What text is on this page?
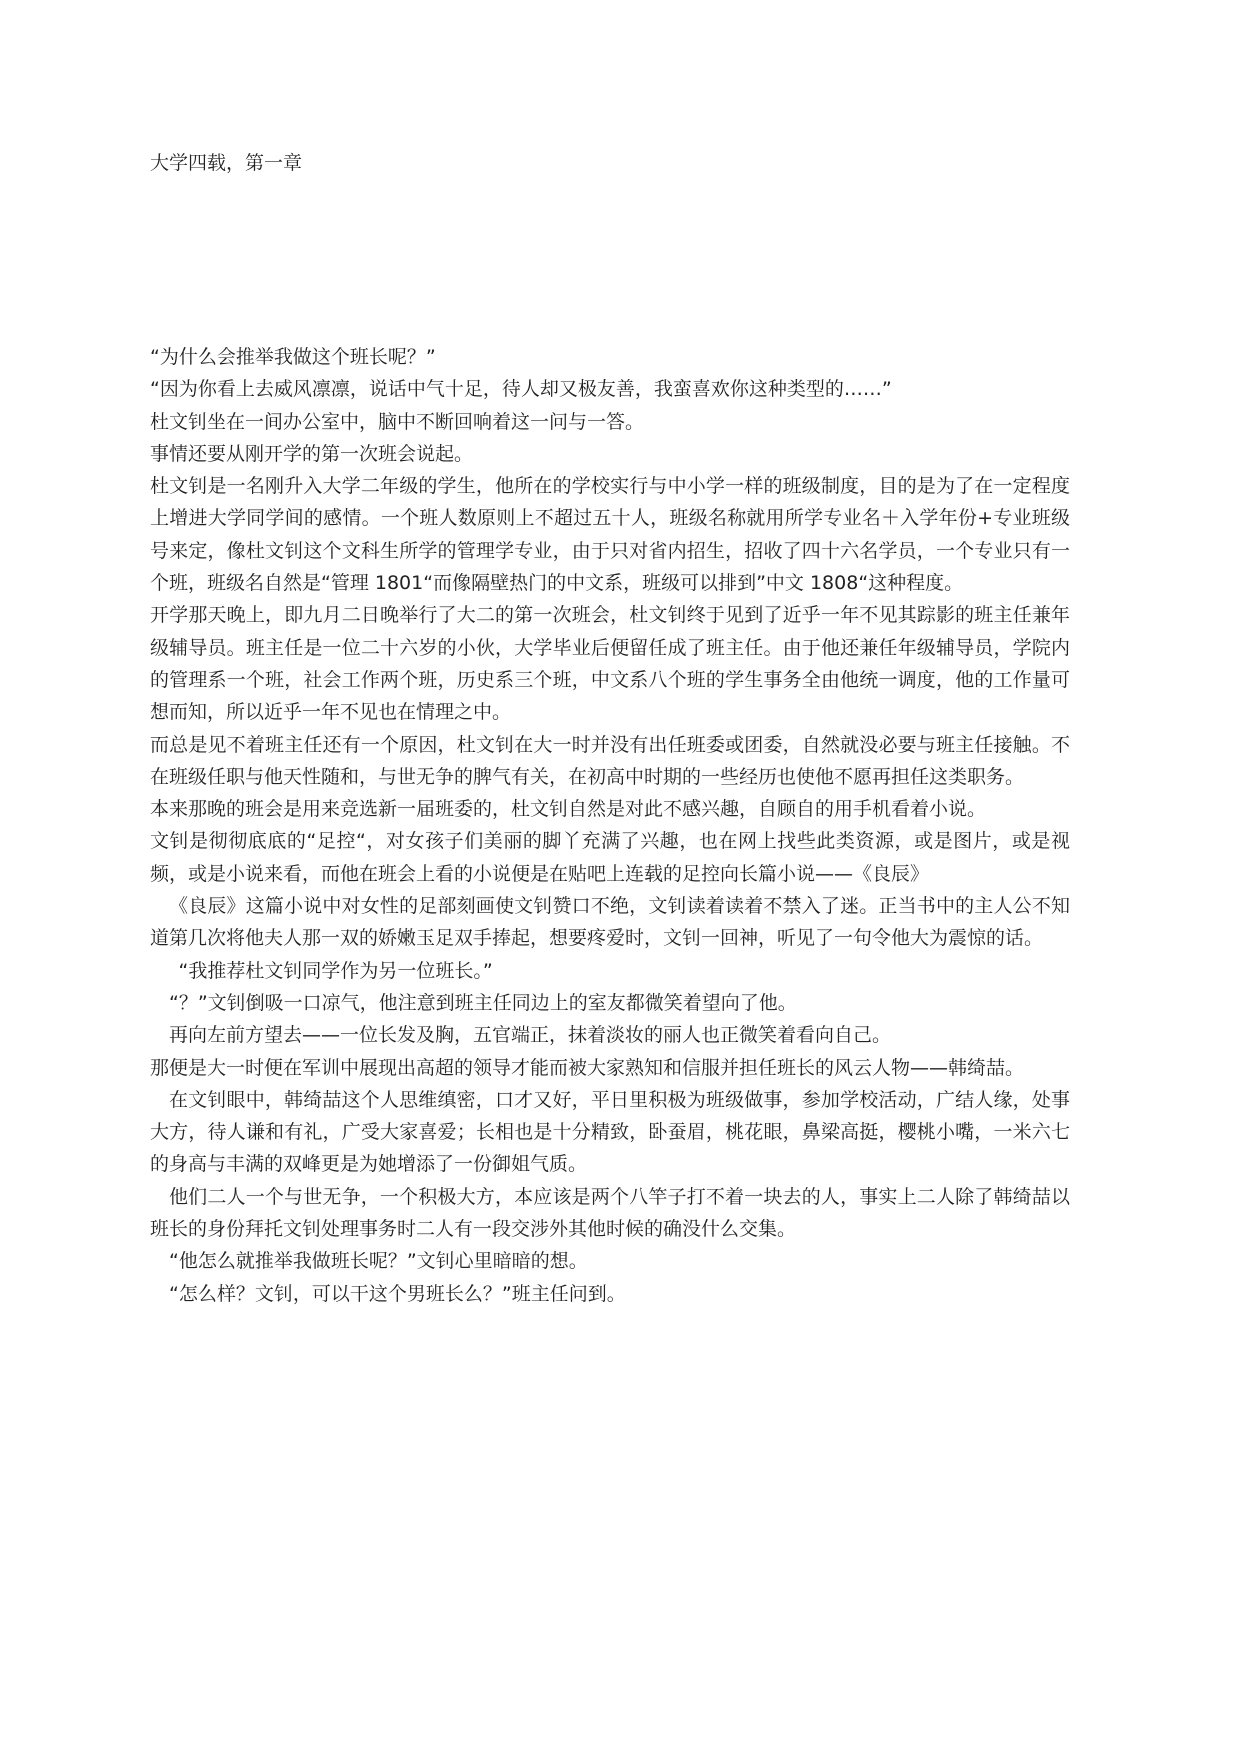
大学四载，第一章

“为什么会推举我做这个班长呢？”

“因为你看上去威风凛凛，说话中气十足，待人却又极友善，我蛮喜欢你这种类型的……”

杜文钊坐在一间办公室中，脑中不断回响着这一问与一答。

事情还要从刚开学的第一次班会说起。

杜文钊是一名刚升入大学二年级的学生，他所在的学校实行与中小学一样的班级制度，目的是为了在一定程度上增进大学同学间的感情。一个班人数原则上不超过五十人，班级名称就用所学专业名＋入学年份+专业班级号来定，像杜文钊这个文科生所学的管理学专业，由于只对省内招生，招收了四十六名学员，一个专业只有一个班，班级名自然是“管理 1801“而像隔壁热门的中文系，班级可以排到”中文 1808“这种程度。

开学那天晚上，即九月二日晚举行了大二的第一次班会，杜文钊终于见到了近乎一年不见其踪影的班主任兼年级辅导员。班主任是一位二十六岁的小伙，大学毕业后便留任成了班主任。由于他还兼任年级辅导员，学院内的管理系一个班，社会工作两个班，历史系三个班，中文系八个班的学生事务全由他统一调度，他的工作量可想而知，所以近乎一年不见也在情理之中。

而总是见不着班主任还有一个原因，杜文钊在大一时并没有出任班委或团委，自然就没必要与班主任接触。不在班级任职与他天性随和，与世无争的脾气有关，在初高中时期的一些经历也使他不愿再担任这类职务。

本来那晚的班会是用来竞选新一届班委的，杜文钊自然是对此不感兴趣，自顾自的用手机看着小说。

文钊是彻彻底底的“足控“，对女孩子们美丽的脚丫充满了兴趣，也在网上找些此类资源，或是图片，或是视频，或是小说来看，而他在班会上看的小说便是在贴吧上连载的足控向长篇小说——《良辰》

《良辰》这篇小说中对女性的足部刻画使文钊赞口不绝，文钊读着读着不禁入了迷。正当书中的主人公不知道第几次将他夫人那一双的娇嫩玉足双手捧起，想要疼爱时，文钊一回神，听见了一句令他大为震惊的话。

“我推荐杜文钊同学作为另一位班长。”

“？”文钊倒吸一口凉气，他注意到班主任同边上的室友都微笑着望向了他。

再向左前方望去——一位长发及胸，五官端正，抹着淡妆的丽人也正微笑着看向自己。

那便是大一时便在军训中展现出高超的领导才能而被大家熟知和信服并担任班长的风云人物——韩绮喆。

在文钊眼中，韩绮喆这个人思维缜密，口才又好，平日里积极为班级做事，参加学校活动，广结人缘，处事大方，待人谦和有礼，广受大家喜爱；长相也是十分精致，卧蚕眉，桃花眼，鼻梁高挺，樱桃小嘴，一米六七的身高与丰满的双峰更是为她增添了一份御姐气质。

他们二人一个与世无争，一个积极大方，本应该是两个八竿子打不着一块去的人，事实上二人除了韩绮喆以班长的身份拜托文钊处理事务时二人有一段交涉外其他时候的确没什么交集。

“他怎么就推举我做班长呢？”文钊心里暗暗的想。

“怎么样？文钊，可以干这个男班长么？”班主任问到。
